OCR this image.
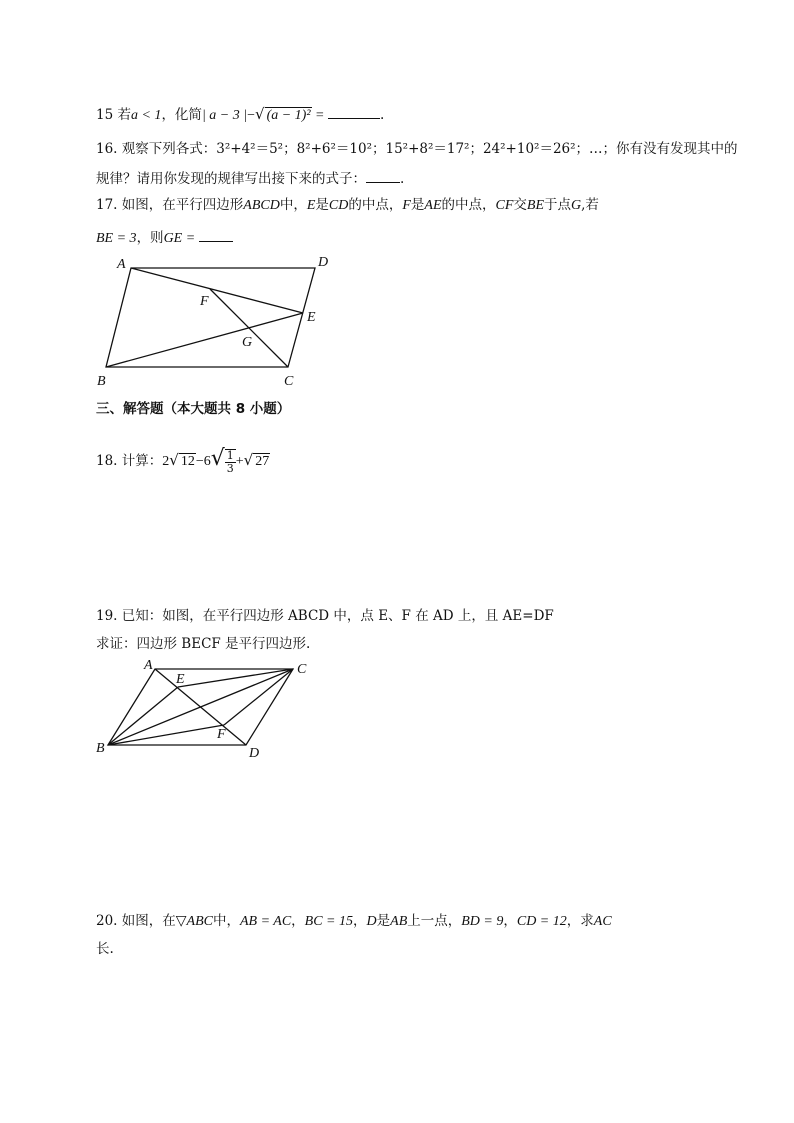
15 若a < 1，化简| a − 3 |−√ (a − 1)² =	.
16. 观察下列各式：3²+4²＝5²；8²+6²＝10²；15²+8²＝17²；24²+10²＝26²；…；你有没有发现其中的
规律？请用你发现的规律写出接下来的式子：	.
17. 如图，在平行四边形ABCD中，E是CD的中点，F是AE的中点，CF交BE于点G,若
BE = 3，则GE =
A	D
F
E
G
B	C
A
E
C
F
B	D
三、解答题（本大题共 8 小题）
18. 计算：2√ $12-6√ \frac{1}{3}$ +√ 27
19. 已知：如图，在平行四边形 ABCD 中，点 E、F 在 AD 上，且 AE=DF
求证：四边形 BECF 是平行四边形.
20. 如图，在▽ABC中，AB = AC，BC = 15，D是AB上一点，BD = 9，CD = 12，求AC
长.
